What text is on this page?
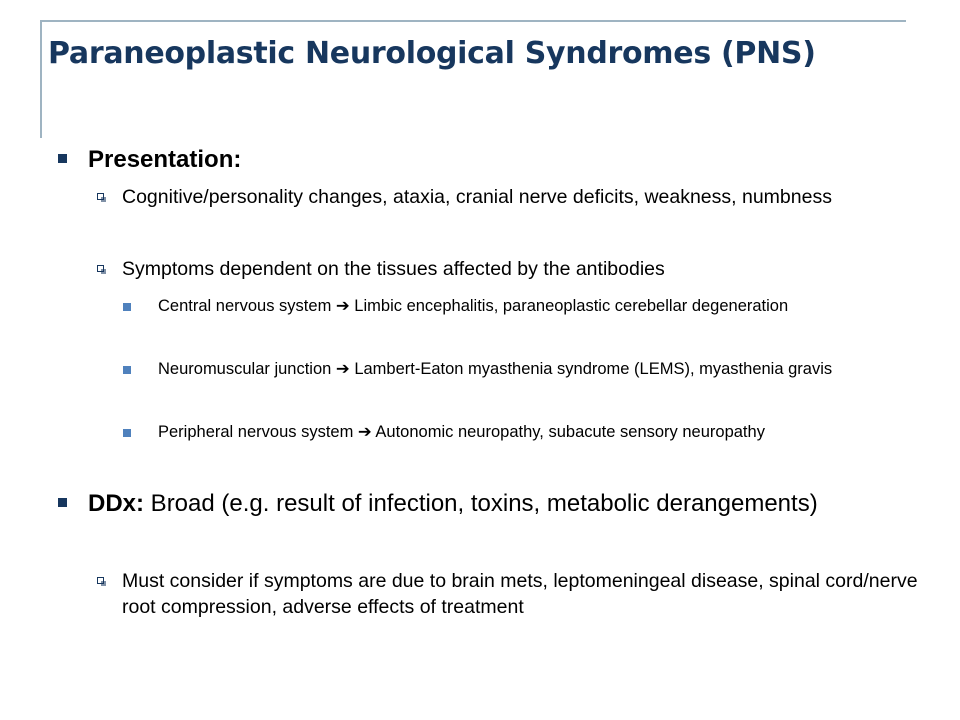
Paraneoplastic Neurological Syndromes (PNS)
Presentation:
Cognitive/personality changes, ataxia, cranial nerve deficits, weakness, numbness
Symptoms dependent on the tissues affected by the antibodies
Central nervous system ➔ Limbic encephalitis, paraneoplastic cerebellar degeneration
Neuromuscular junction ➔ Lambert-Eaton myasthenia syndrome (LEMS), myasthenia gravis
Peripheral nervous system ➔ Autonomic neuropathy, subacute sensory neuropathy
DDx: Broad (e.g. result of infection, toxins, metabolic derangements)
Must consider if symptoms are due to brain mets, leptomeningeal disease, spinal cord/nerve root compression, adverse effects of treatment
